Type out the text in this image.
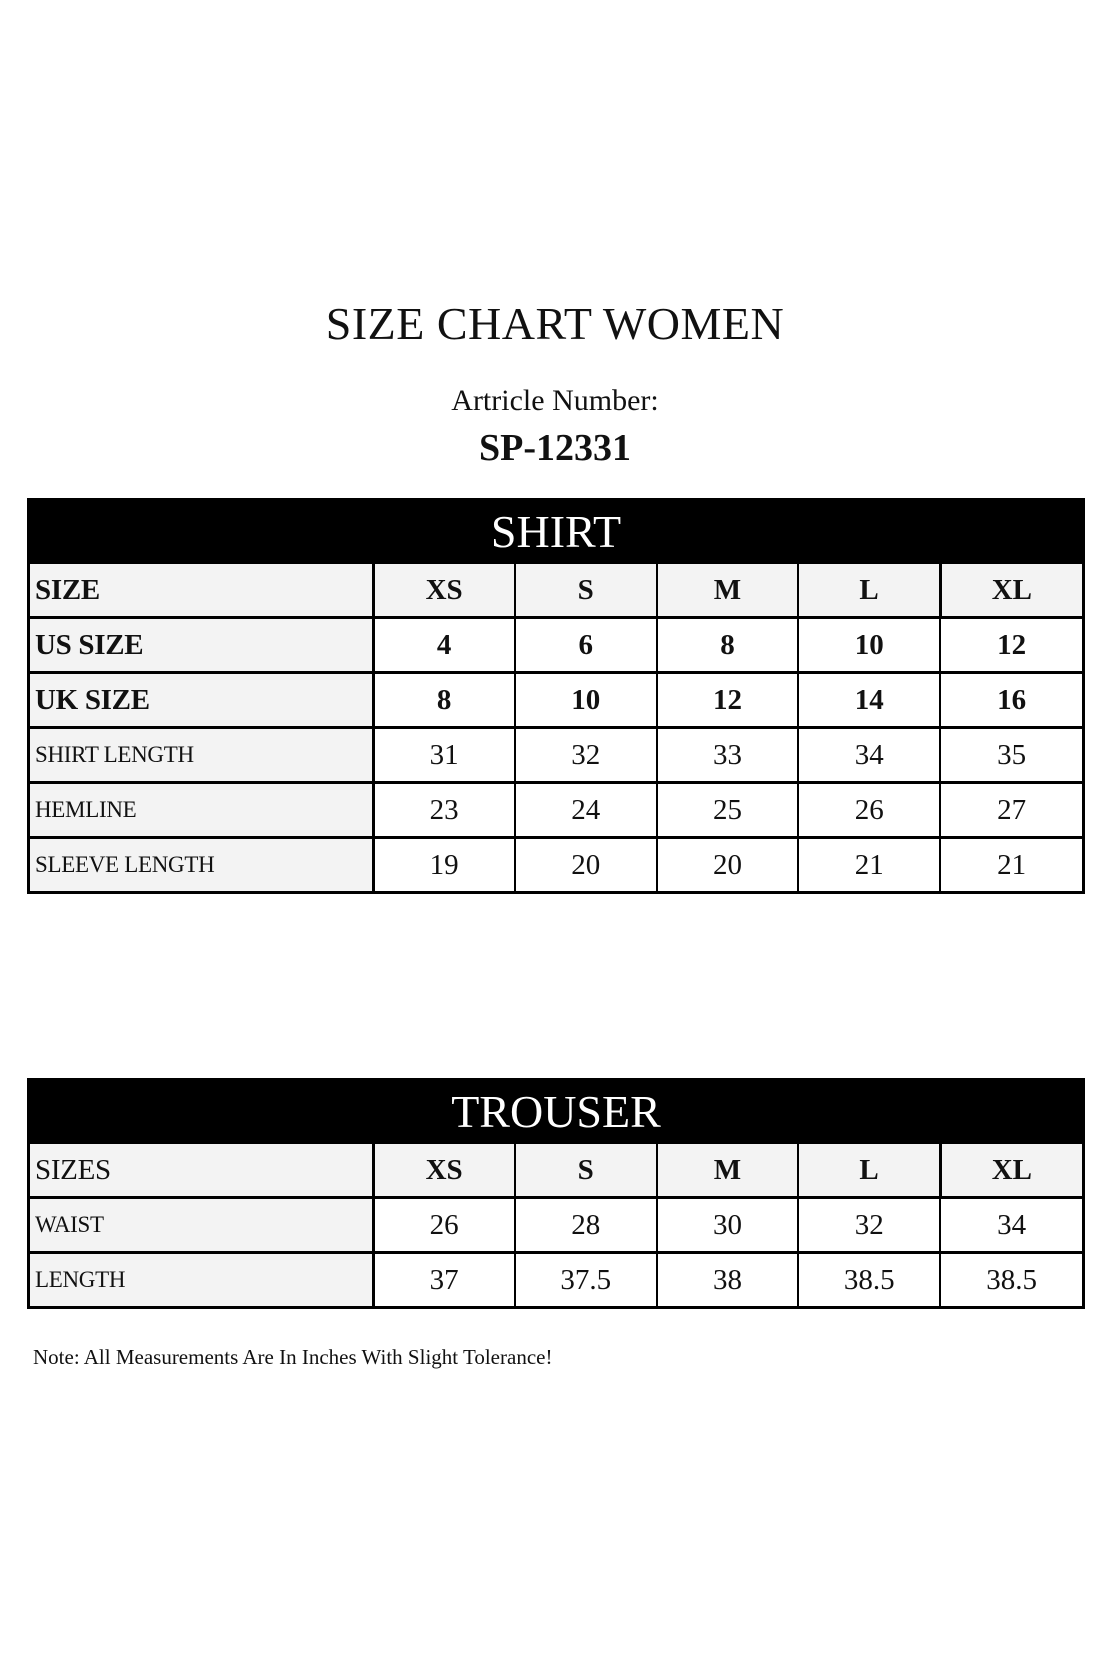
SIZE CHART WOMEN
Artricle Number:
SP-12331
SHIRT
SIZE	XS	S	M	L	XL
US SIZE	4	6	8	10	12
UK SIZE	8	10	12	14	16
SHIRT LENGTH	31	32	33	34	35
HEMLINE	23	24	25	26	27
SLEEVE LENGTH	19	20	20	21	21
TROUSER
SIZES	XS	S	M	L	XL
WAIST	26	28	30	32	34
LENGTH	37	37.5	38	38.5	38.5
Note: All Measurements Are In Inches With Slight Tolerance!
